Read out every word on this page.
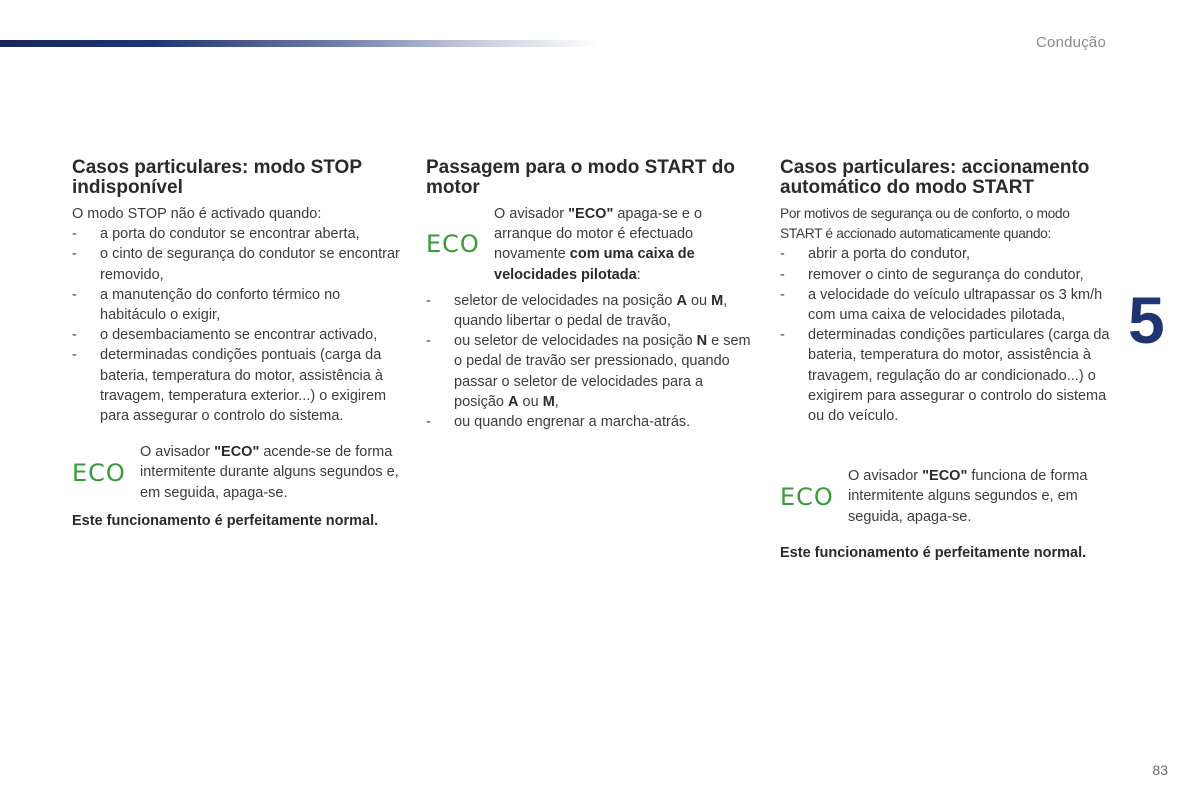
Condução
5
83
Casos particulares: modo STOP indisponível

O modo STOP não é activado quando:

- a porta do condutor se encontrar aberta,
- o cinto de segurança do condutor se encontrar removido,
- a manutenção do conforto térmico no habitáculo o exigir,
- o desembaciamento se encontrar activado,
- determinadas condições pontuais (carga da bateria, temperatura do motor, assistência à travagem, temperatura exterior...) o exigirem para assegurar o controlo do sistema.
ECO
O avisador "ECO" acende-se de forma intermitente durante alguns segundos e, em seguida, apaga-se.

Este funcionamento é perfeitamente normal.

Passagem para o modo START do motor
ECO
O avisador "ECO" apaga-se e o arranque do motor é efectuado novamente com uma caixa de velocidades pilotada:
- seletor de velocidades na posição A ou M, quando libertar o pedal de travão,
- ou seletor de velocidades na posição N e sem o pedal de travão ser pressionado, quando passar o seletor de velocidades para a posição A ou M,
- ou quando engrenar a marcha-atrás.
Casos particulares: accionamento automático do modo START

Por motivos de segurança ou de conforto, o modo START é accionado automaticamente quando:

- abrir a porta do condutor,
- remover o cinto de segurança do condutor,
- a velocidade do veículo ultrapassar os 3 km/h com uma caixa de velocidades pilotada,
- determinadas condições particulares (carga da bateria, temperatura do motor, assistência à travagem, regulação do ar condicionado...) o exigirem para assegurar o controlo do sistema ou do veículo.
ECO
O avisador "ECO" funciona de forma intermitente alguns segundos e, em seguida, apaga-se.

Este funcionamento é perfeitamente normal.
